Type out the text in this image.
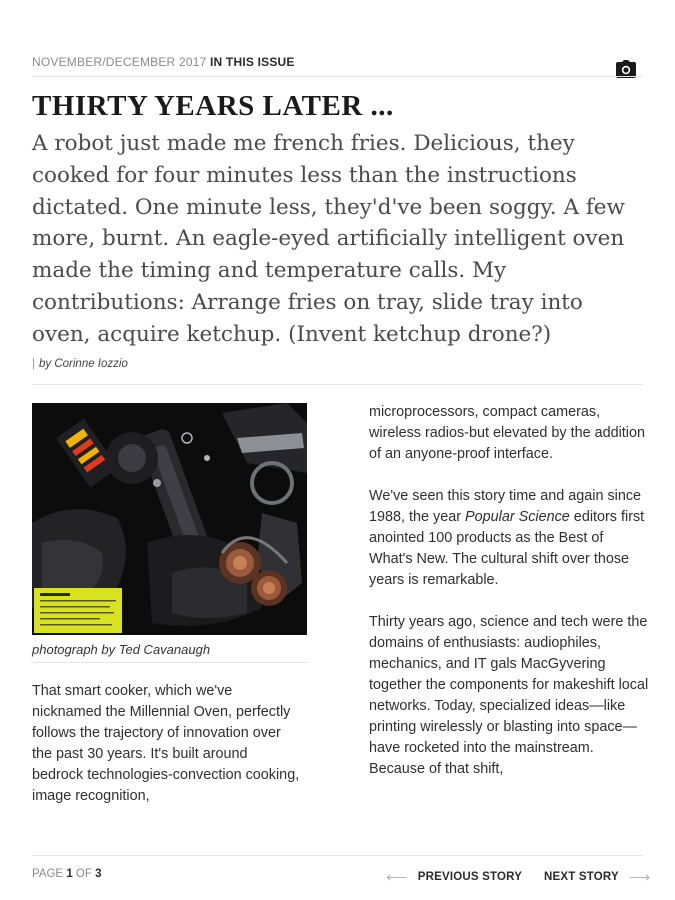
NOVEMBER/DECEMBER 2017 IN THIS ISSUE
THIRTY YEARS LATER ...

A robot just made me french fries. Delicious, they cooked for four minutes less than the instructions dictated. One minute less, they'd've been soggy. A few more, burnt. An eagle-eyed artificially intelligent oven made the timing and temperature calls. My contributions: Arrange fries on tray, slide tray into oven, acquire ketchup. (Invent ketchup drone?)

| by Corinne Iozzio
photograph by Ted Cavanaugh

That smart cooker, which we've nicknamed the Millennial Oven, perfectly follows the trajectory of innovation over the past 30 years. It's built around bedrock technologies-convection cooking, image recognition,

microprocessors, compact cameras, wireless radios-but elevated by the addition of an anyone-proof interface.

We've seen this story time and again since 1988, the year Popular Science editors first anointed 100 products as the Best of What's New. The cultural shift over those years is remarkable.

Thirty years ago, science and tech were the domains of enthusiasts: audiophiles, mechanics, and IT gals MacGyvering together the components for makeshift local networks. Today, specialized ideas—like printing wirelessly or blasting into space—have rocketed into the mainstream. Because of that shift,

PAGE 1 OF 3	⟵ PREVIOUS STORY NEXT STORY ⟶
